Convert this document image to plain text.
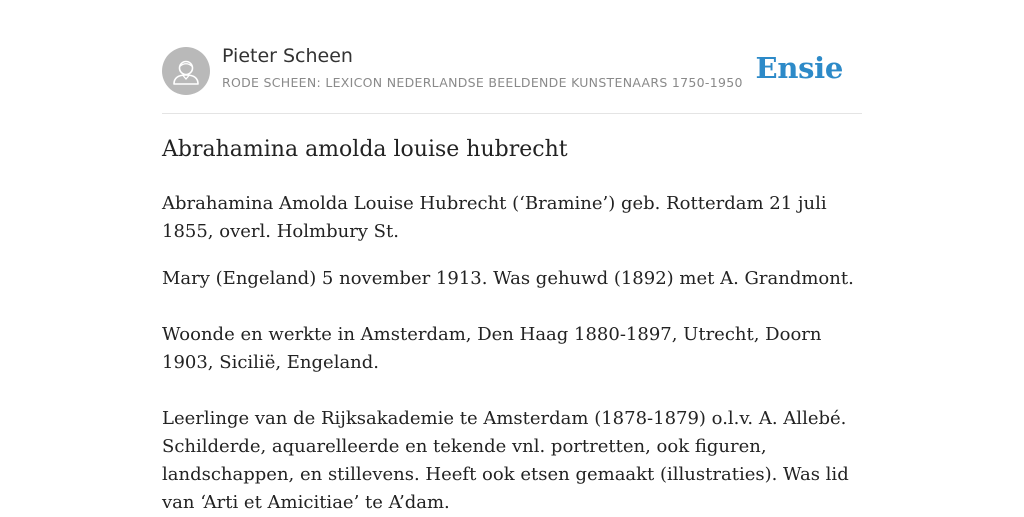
Pieter Scheen
RODE SCHEEN: LEXICON NEDERLANDSE BEELDENDE KUNSTENAARS 1750-1950 Ensie
Abrahamina amolda louise hubrecht

Abrahamina Amolda Louise Hubrecht (‘Bramine’) geb. Rotterdam 21 juli 1855, overl. Holmbury St.

Mary (Engeland) 5 november 1913. Was gehuwd (1892) met A. Grandmont.

Woonde en werkte in Amsterdam, Den Haag 1880-1897, Utrecht, Doorn 1903, Sicilië, Engeland.

Leerlinge van de Rijksakademie te Amsterdam (1878-1879) o.l.v. A. Allebé. Schilderde, aquarelleerde en tekende vnl. portretten, ook figuren, landschappen, en stillevens. Heeft ook etsen gemaakt (illustraties). Was lid van ‘Arti et Amicitiae’ te A’dam.
